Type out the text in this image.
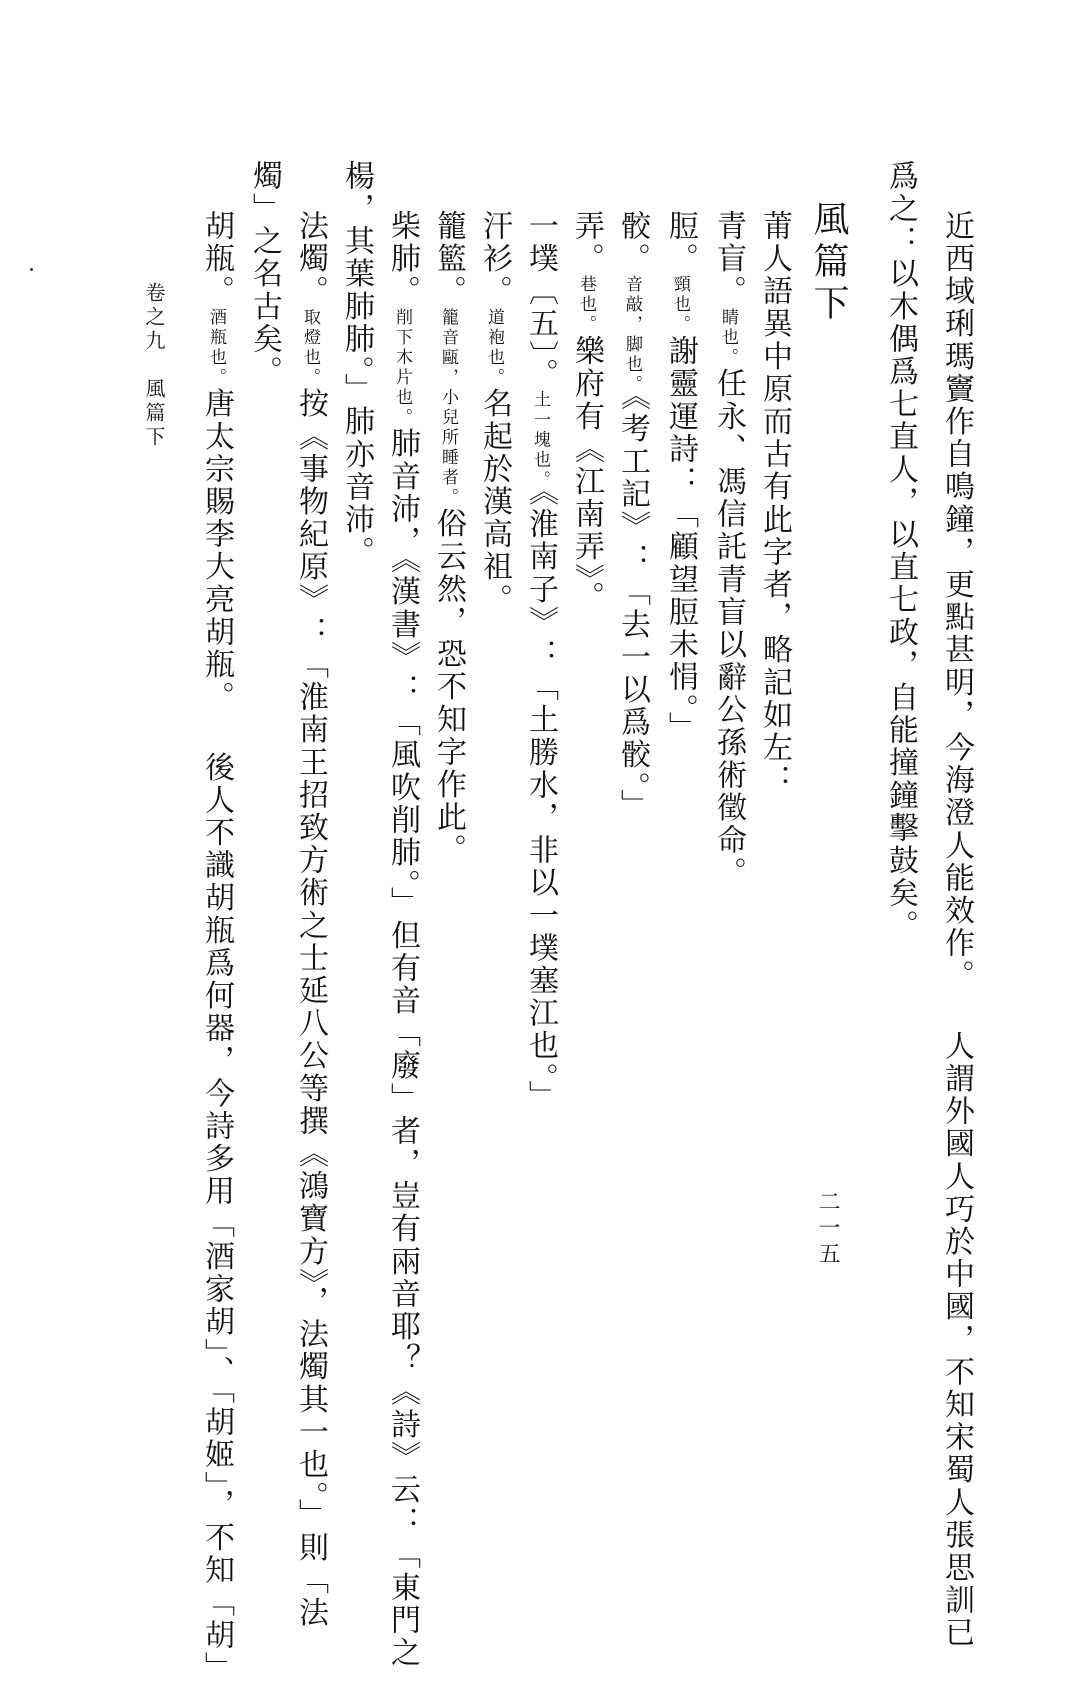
近西域琍瑪竇作自鳴鐘，更點甚明，今海澄人能效作。 人謂外國人巧於中國，不知宋蜀人張思訓已
爲之：以木偶爲七直人，以直七政，自能撞鐘擊鼓矣。
風篇下
莆人語異中原而古有此字者，略記如左：
青盲。睛也。任永、馮信託青盲以辭公孫術徵命。
脰。頸也。謝靈運詩：「顧望脰未悁。」
骹。音敲，脚也。《考工記》：「去一以爲骹。」
弄。巷也。樂府有《江南弄》。
一墣〔五〕。土一塊也。《淮南子》：「土勝水，非以一墣塞江也。」
汗衫。道袍也。名起於漢高祖。
籠籃。籠音甌，小兒所睡者。俗云然，恐不知字作此。
柴肺。削下木片也。肺音沛，《漢書》：「風吹削肺。」但有音「廢」者，豈有兩音耶？《詩》云：「東門之
楊，其葉肺肺。」肺亦音沛。
法燭。取燈也。按《事物紀原》：「淮南王招致方術之士延八公等撰《鴻寶方》，法燭其一也。」則「法
燭」之名古矣。
胡瓶。酒瓶也。唐太宗賜李大亮胡瓶。 後人不識胡瓶爲何器，今詩多用「酒家胡」、「胡姬」，不知「胡」
卷之九　風篇下
二一五
